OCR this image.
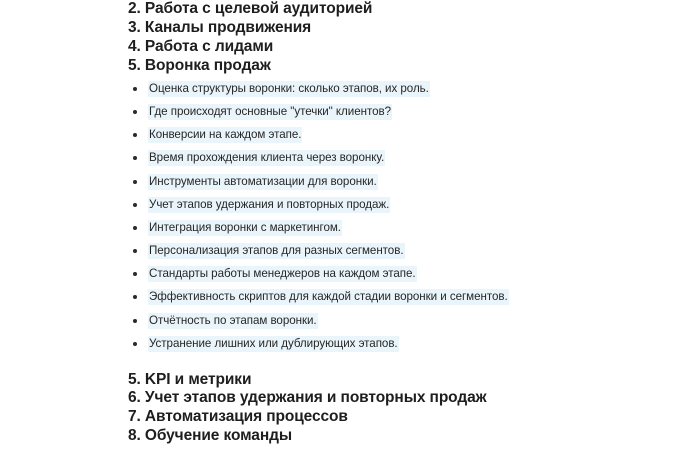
2. Работа с целевой аудиторией
3. Каналы продвижения
4. Работа с лидами
5. Воронка продаж
Оценка структуры воронки: сколько этапов, их роль.
Где происходят основные "утечки" клиентов?
Конверсии на каждом этапе.
Время прохождения клиента через воронку.
Инструменты автоматизации для воронки.
Учет этапов удержания и повторных продаж.
Интеграция воронки с маркетингом.
Персонализация этапов для разных сегментов.
Стандарты работы менеджеров на каждом этапе.
Эффективность скриптов для каждой стадии воронки и сегментов.
Отчётность по этапам воронки.
Устранение лишних или дублирующих этапов.
5. KPI и метрики
6. Учет этапов удержания и повторных продаж
7. Автоматизация процессов
8. Обучение команды
